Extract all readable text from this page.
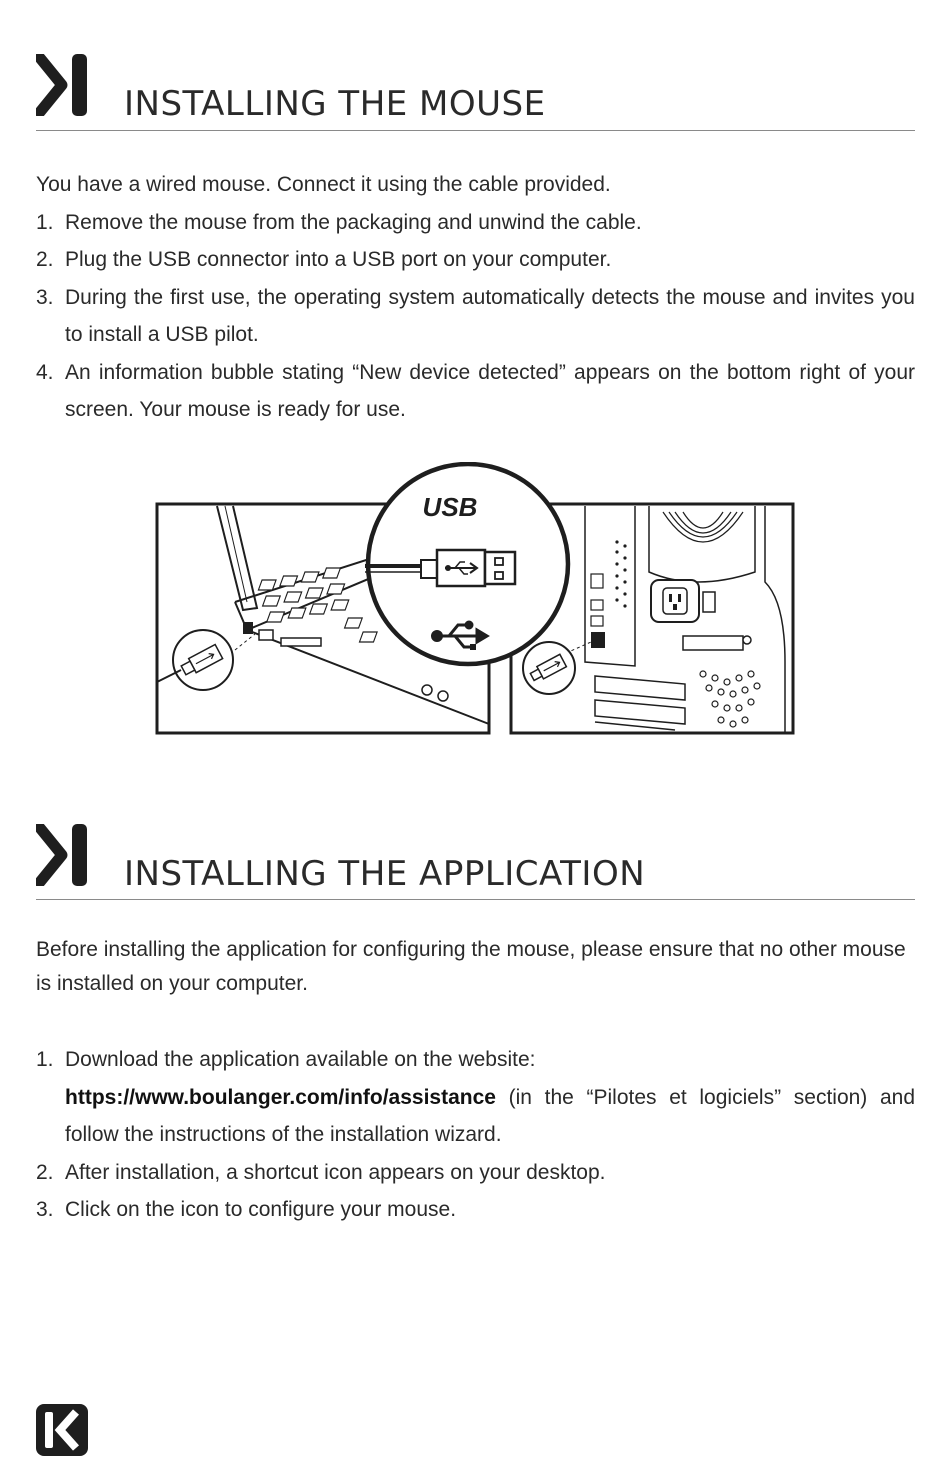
INSTALLING THE MOUSE

You have a wired mouse. Connect it using the cable provided.

1. Remove the mouse from the packaging and unwind the cable.
2. Plug the USB connector into a USB port on your computer.
3. During the first use, the operating system automatically detects the mouse and invites you to install a USB pilot.
4. An information bubble stating “New device detected” appears on the bottom right of your screen. Your mouse is ready for use.
USB
INSTALLING THE APPLICATION

Before installing the application for configuring the mouse, please ensure that no other mouse is installed on your computer.

1. Download the application available on the website:
https://www.boulanger.com/info/assistance (in the “Pilotes et logiciels” section) and follow the instructions of the installation wizard.
2. After installation, a shortcut icon appears on your desktop.
3. Click on the icon to configure your mouse.
